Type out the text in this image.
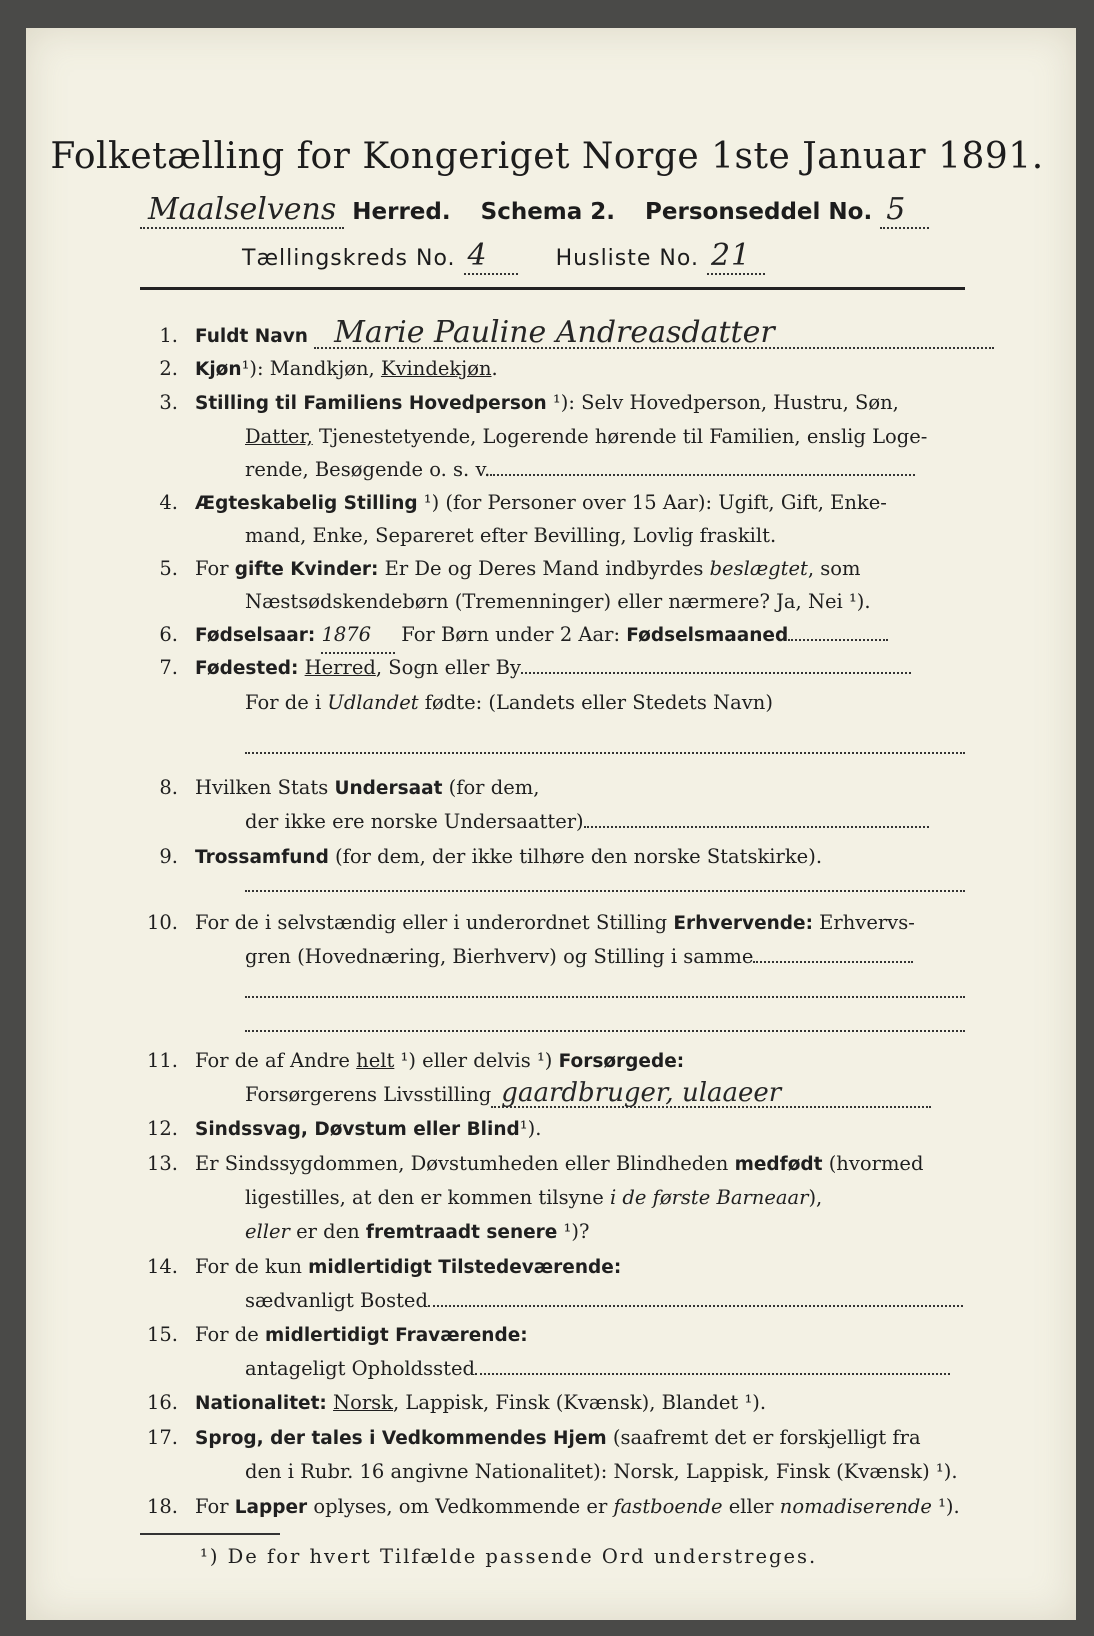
Folketælling for Kongeriget Norge 1ste Januar 1891.
Maalselvens Herred. Schema 2. Personseddel No. 5
Tællingskreds No. 4	Husliste No. 21
1. Fuldt Navn Marie Pauline Andreasdatter
2. Kjøn¹): Mandkjøn, Kvindekjøn.
3. Stilling til Familiens Hovedperson ¹): Selv Hovedperson, Hustru, Søn,
Datter, Tjenestetyende, Logerende hørende til Familien, enslig Loge-
rende, Besøgende o. s. v.
4. Ægteskabelig Stilling ¹) (for Personer over 15 Aar): Ugift, Gift, Enke-
mand, Enke, Separeret efter Bevilling, Lovlig fraskilt.
5. For gifte Kvinder: Er De og Deres Mand indbyrdes beslægtet, som
Næstsødskendebørn (Tremenninger) eller nærmere? Ja, Nei ¹).
6. Fødselsaar: 1876 For Børn under 2 Aar: Fødselsmaaned
7. Fødested: Herred, Sogn eller By
For de i Udlandet fødte: (Landets eller Stedets Navn)
8. Hvilken Stats Undersaat (for dem,
der ikke ere norske Undersaatter)
9. Trossamfund (for dem, der ikke tilhøre den norske Statskirke).
10. For de i selvstændig eller i underordnet Stilling Erhvervende: Erhvervs-
gren (Hovednæring, Bierhverv) og Stilling i samme
11. For de af Andre helt ¹) eller delvis ¹) Forsørgede:
Forsørgerens Livsstilling gaardbruger, ulaaeer
12. Sindssvag, Døvstum eller Blind¹).
13. Er Sindssygdommen, Døvstumheden eller Blindheden medfødt (hvormed
ligestilles, at den er kommen tilsyne i de første Barneaar),
eller er den fremtraadt senere ¹)?
14. For de kun midlertidigt Tilstedeværende:
sædvanligt Bosted
15. For de midlertidigt Fraværende:
antageligt Opholdssted
16. Nationalitet: Norsk, Lappisk, Finsk (Kvænsk), Blandet ¹).
17. Sprog, der tales i Vedkommendes Hjem (saafremt det er forskjelligt fra
den i Rubr. 16 angivne Nationalitet): Norsk, Lappisk, Finsk (Kvænsk) ¹).
18. For Lapper oplyses, om Vedkommende er fastboende eller nomadiserende ¹).
¹) De for hvert Tilfælde passende Ord understreges.
